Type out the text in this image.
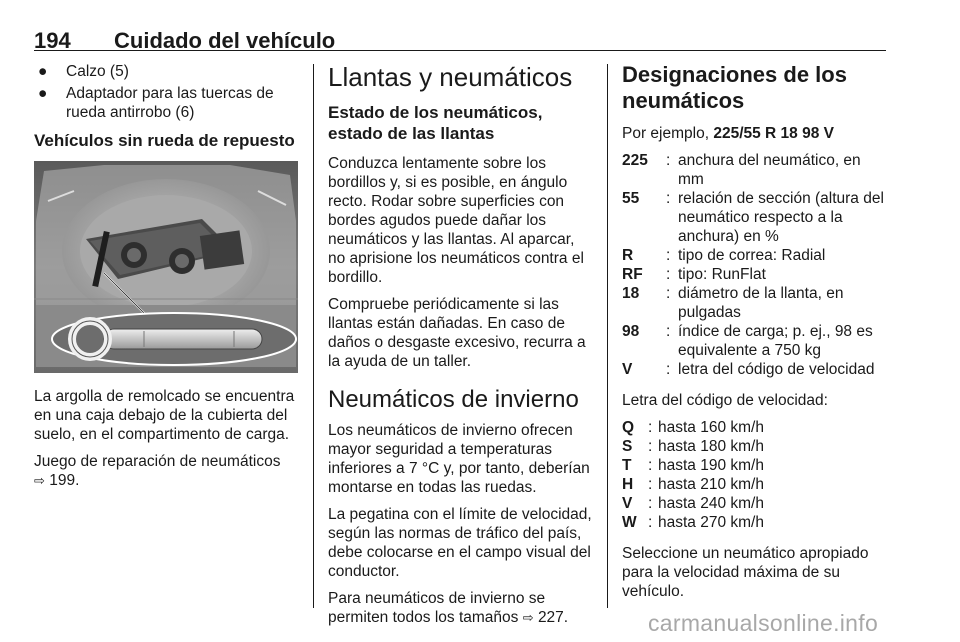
194 Cuidado del vehículo
● Calzo (5)
● Adaptador para las tuercas de rueda antirrobo (6)
Vehículos sin rueda de repuesto

La argolla de remolcado se encuentra en una caja debajo de la cubierta del suelo, en el compartimento de carga.

Juego de reparación de neumáticos
⇨ 199.

Llantas y neumáticos
Estado de los neumáticos, estado de las llantas

Conduzca lentamente sobre los bordillos y, si es posible, en ángulo recto. Rodar sobre superficies con bordes agudos puede dañar los neumáticos y las llantas. Al aparcar, no aprisione los neumáticos contra el bordillo.

Compruebe periódicamente si las llantas están dañadas. En caso de daños o desgaste excesivo, recurra a la ayuda de un taller.

Neumáticos de invierno

Los neumáticos de invierno ofrecen mayor seguridad a temperaturas inferiores a 7 °C y, por tanto, deberían montarse en todas las ruedas.

La pegatina con el límite de velocidad, según las normas de tráfico del país, debe colocarse en el campo visual del conductor.

Para neumáticos de invierno se permiten todos los tamaños ⇨ 227.

Designaciones de los neumáticos

Por ejemplo, 225/55 R 18 98 V

225	:	anchura del neumático, en mm
55	:	relación de sección (altura del neumático respecto a la anchura) en %
R	:	tipo de correa: Radial
RF	:	tipo: RunFlat
18	:	diámetro de la llanta, en pulgadas
98	:	índice de carga; p. ej., 98 es equivalente a 750 kg
V	:	letra del código de velocidad

Letra del código de velocidad:

Q	:	hasta 160 km/h
S	:	hasta 180 km/h
T	:	hasta 190 km/h
H	:	hasta 210 km/h
V	:	hasta 240 km/h
W	:	hasta 270 km/h

Seleccione un neumático apropiado para la velocidad máxima de su vehículo.

carmanualsonline.info
